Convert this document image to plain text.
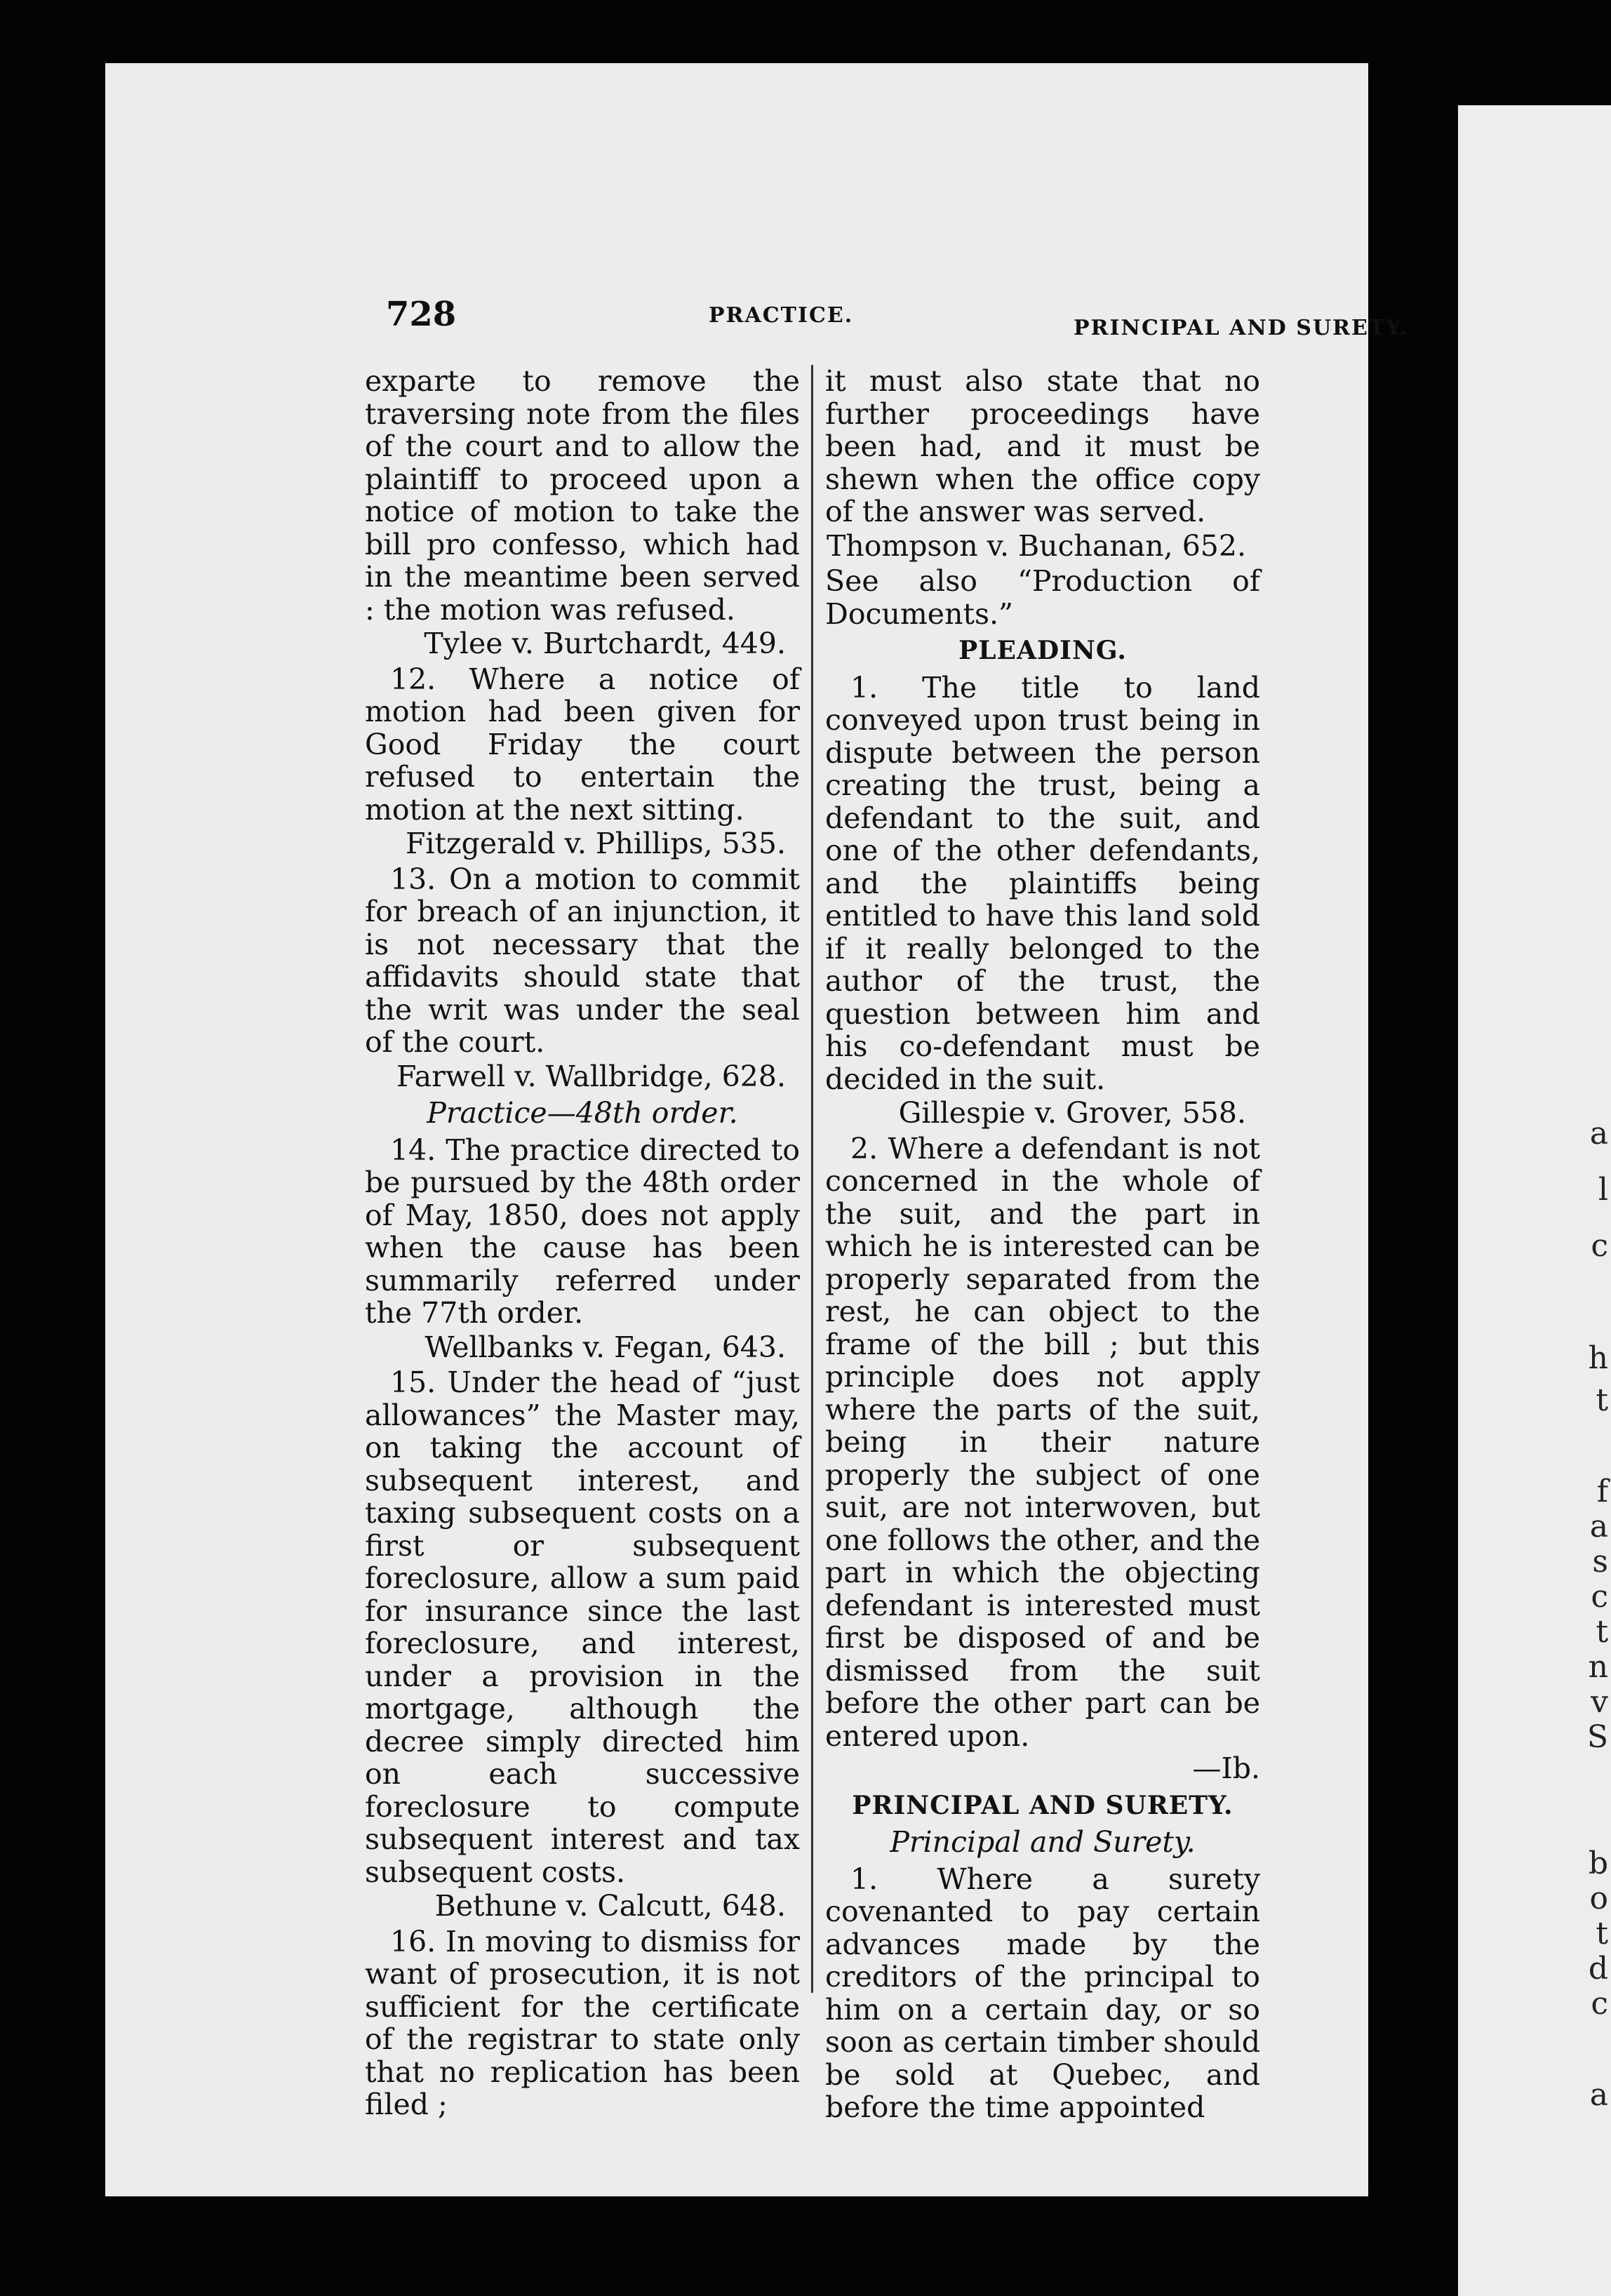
a
l
c
h
t
f
a
s
c
t
n
v
S
b
o
t
d
c
a
728	PRACTICE.
PRINCIPAL AND SURETY.

exparte to remove the traversing note from the files of the court and to allow the plaintiff to proceed upon a notice of motion to take the bill pro confesso, which had in the meantime been served : the motion was refused.

Tylee v. Burtchardt, 449.

12. Where a notice of motion had been given for Good Friday the court refused to entertain the motion at the next sitting.

Fitzgerald v. Phillips, 535.

13. On a motion to commit for breach of an injunction, it is not necessary that the affidavits should state that the writ was under the seal of the court.

Farwell v. Wallbridge, 628.
Practice—48th order.

14. The practice directed to be pursued by the 48th order of May, 1850, does not apply when the cause has been summarily referred under the 77th order.

Wellbanks v. Fegan, 643.

15. Under the head of “just allowances” the Master may, on taking the account of subsequent interest, and taxing subsequent costs on a first or subsequent foreclosure, allow a sum paid for insurance since the last foreclosure, and interest, under a provision in the mortgage, although the decree simply directed him on each successive foreclosure to compute subsequent interest and tax subsequent costs.

Bethune v. Calcutt, 648.

16. In moving to dismiss for want of prosecution, it is not sufficient for the certificate of the registrar to state only that no replication has been filed ;

it must also state that no further proceedings have been had, and it must be shewn when the office copy of the answer was served.

Thompson v. Buchanan, 652.
See also “Production of Documents.”
PLEADING.

1. The title to land conveyed upon trust being in dispute between the person creating the trust, being a defendant to the suit, and one of the other defendants, and the plaintiffs being entitled to have this land sold if it really belonged to the author of the trust, the question between him and his co-defendant must be decided in the suit.

Gillespie v. Grover, 558.

2. Where a defendant is not concerned in the whole of the suit, and the part in which he is interested can be properly separated from the rest, he can object to the frame of the bill ; but this principle does not apply where the parts of the suit, being in their nature properly the subject of one suit, are not interwoven, but one follows the other, and the part in which the objecting defendant is interested must first be disposed of and be dismissed from the suit before the other part can be entered upon.

—Ib.
PRINCIPAL AND SURETY.
Principal and Surety.

1. Where a surety covenanted to pay certain advances made by the creditors of the principal to him on a certain day, or so soon as certain timber should be sold at Quebec, and before the time appointed
